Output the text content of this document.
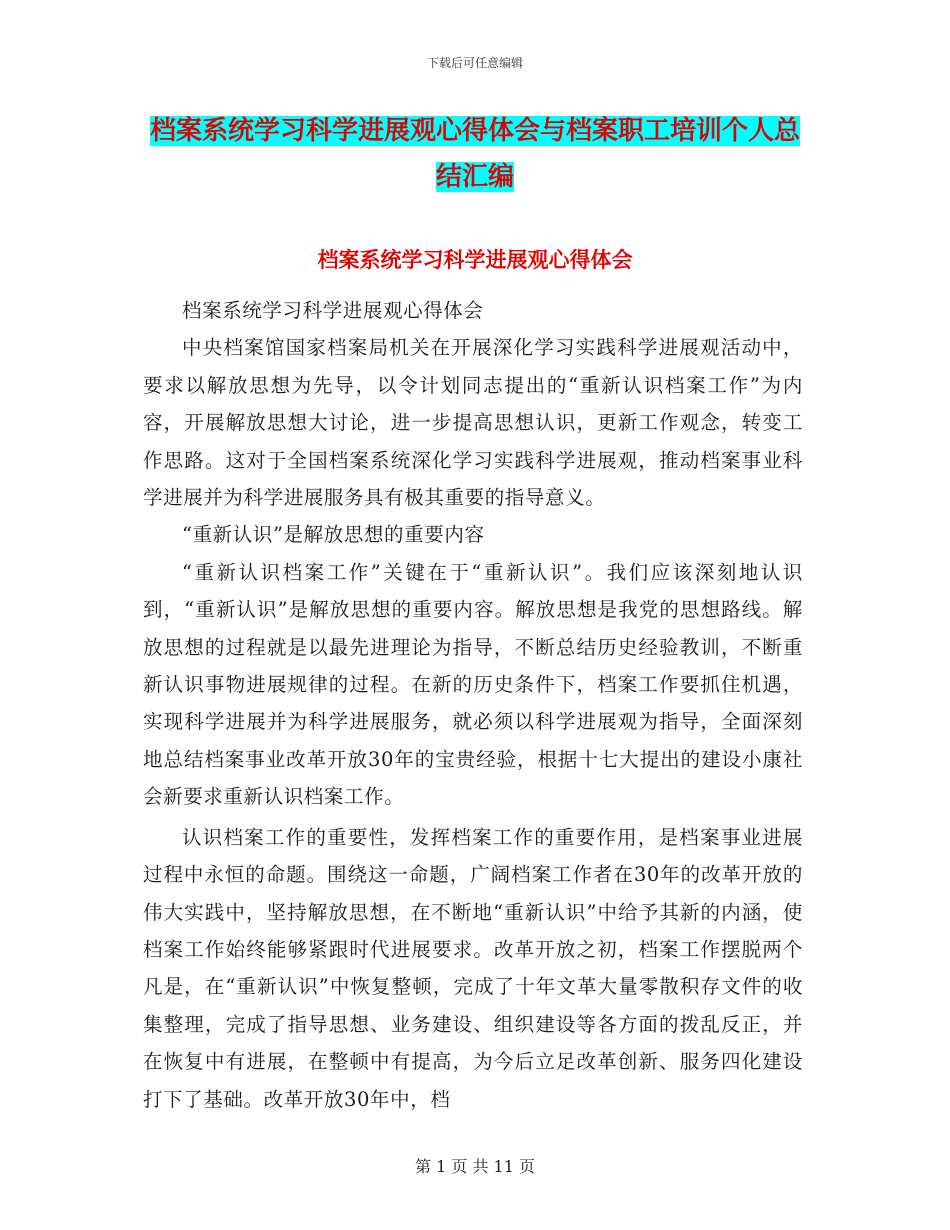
下载后可任意编辑
档案系统学习科学进展观心得体会与档案职工培训个人总结汇编
档案系统学习科学进展观心得体会

档案系统学习科学进展观心得体会

中央档案馆国家档案局机关在开展深化学习实践科学进展观活动中，要求以解放思想为先导，以令计划同志提出的“重新认识档案工作”为内容，开展解放思想大讨论，进一步提高思想认识，更新工作观念，转变工作思路。这对于全国档案系统深化学习实践科学进展观，推动档案事业科学进展并为科学进展服务具有极其重要的指导意义。

“重新认识”是解放思想的重要内容

“重新认识档案工作”关键在于“重新认识”。我们应该深刻地认识到，“重新认识”是解放思想的重要内容。解放思想是我党的思想路线。解放思想的过程就是以最先进理论为指导，不断总结历史经验教训，不断重新认识事物进展规律的过程。在新的历史条件下，档案工作要抓住机遇，实现科学进展并为科学进展服务，就必须以科学进展观为指导，全面深刻地总结档案事业改革开放30年的宝贵经验，根据十七大提出的建设小康社会新要求重新认识档案工作。

认识档案工作的重要性，发挥档案工作的重要作用，是档案事业进展过程中永恒的命题。围绕这一命题，广阔档案工作者在30年的改革开放的伟大实践中，坚持解放思想，在不断地“重新认识”中给予其新的内涵，使档案工作始终能够紧跟时代进展要求。改革开放之初，档案工作摆脱两个凡是，在“重新认识”中恢复整顿，完成了十年文革大量零散积存文件的收集整理，完成了指导思想、业务建设、组织建设等各方面的拨乱反正，并在恢复中有进展，在整顿中有提高，为今后立足改革创新、服务四化建设打下了基础。改革开放30年中，档

第 1 页 共 11 页
